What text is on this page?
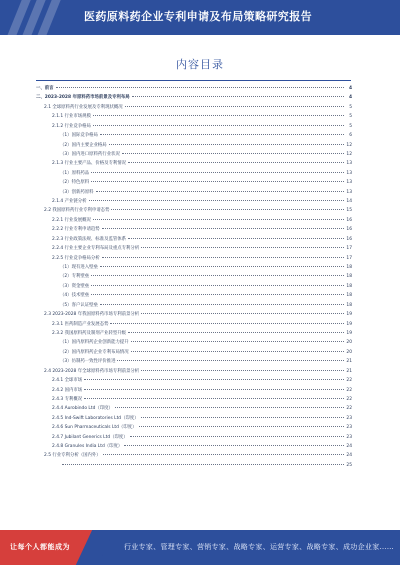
医药原料药企业专利申请及布局策略研究报告
内容目录
一、前言	4
二、2023-2028 年原料药市场前景及专利布局	4
2.1 全球原料药行业发展及专利现状概况	5
2.1.1 行业市场规模	5
2.1.2 行业竞争格局	5
（1）国际竞争格局	6
（2）国内主要企业格局	12
（3）国内进口原料药行业状况	12
2.1.3 行业主要产品、价格及专利情况	13
（1）原料药品	13
（2）特色原料	13
（3）创新药原料	13
2.1.4 产业链分析	14
2.2 我国原料药行业专利申请态势	15
2.2.1 行业发展概况	16
2.2.2 行业专利申请趋势	16
2.2.3 行业政策法规、标准及监管体系	16
2.2.4 行业主要企业专利布局及重点专利分析	17
2.2.5 行业竞争格局分析	17
（1）现有进入壁垒	18
（2）专利壁垒	18
（3）资金壁垒	18
（4）技术壁垒	18
（5）客户认证壁垒	18
2.3 2023-2028 年我国原料药市场专利前景分析	19
2.3.1 医药制造产业发展态势	19
2.3.2 我国原料药及制剂产业转型升级	19
（1）国内原料药企业创新能力提升	20
（2）国内原料药企业专利布局情况	20
（3）仿制药一致性评价推进	21
2.4 2023-2028 年全球原料药市场专利前景分析	21
2.4.1 全球市场	22
2.4.2 国内市场	22
2.4.3 专利概况	22
2.4.4 Aurobindo Ltd（印度）	22
2.4.5 Ind-Swift Laboratories Ltd（印度）	23
2.4.6 Sun Pharmaceuticals Ltd（印度）	23
2.4.7 Jubilant Generics Ltd（印度）	23
2.4.8 Granules India Ltd（印度）	24
2.5 行业专利分析（国内外）	24
25
让每个人都能成为	行业专家、管理专家、营销专家、战略专家、运营专家、战略专家、成功企业家……
